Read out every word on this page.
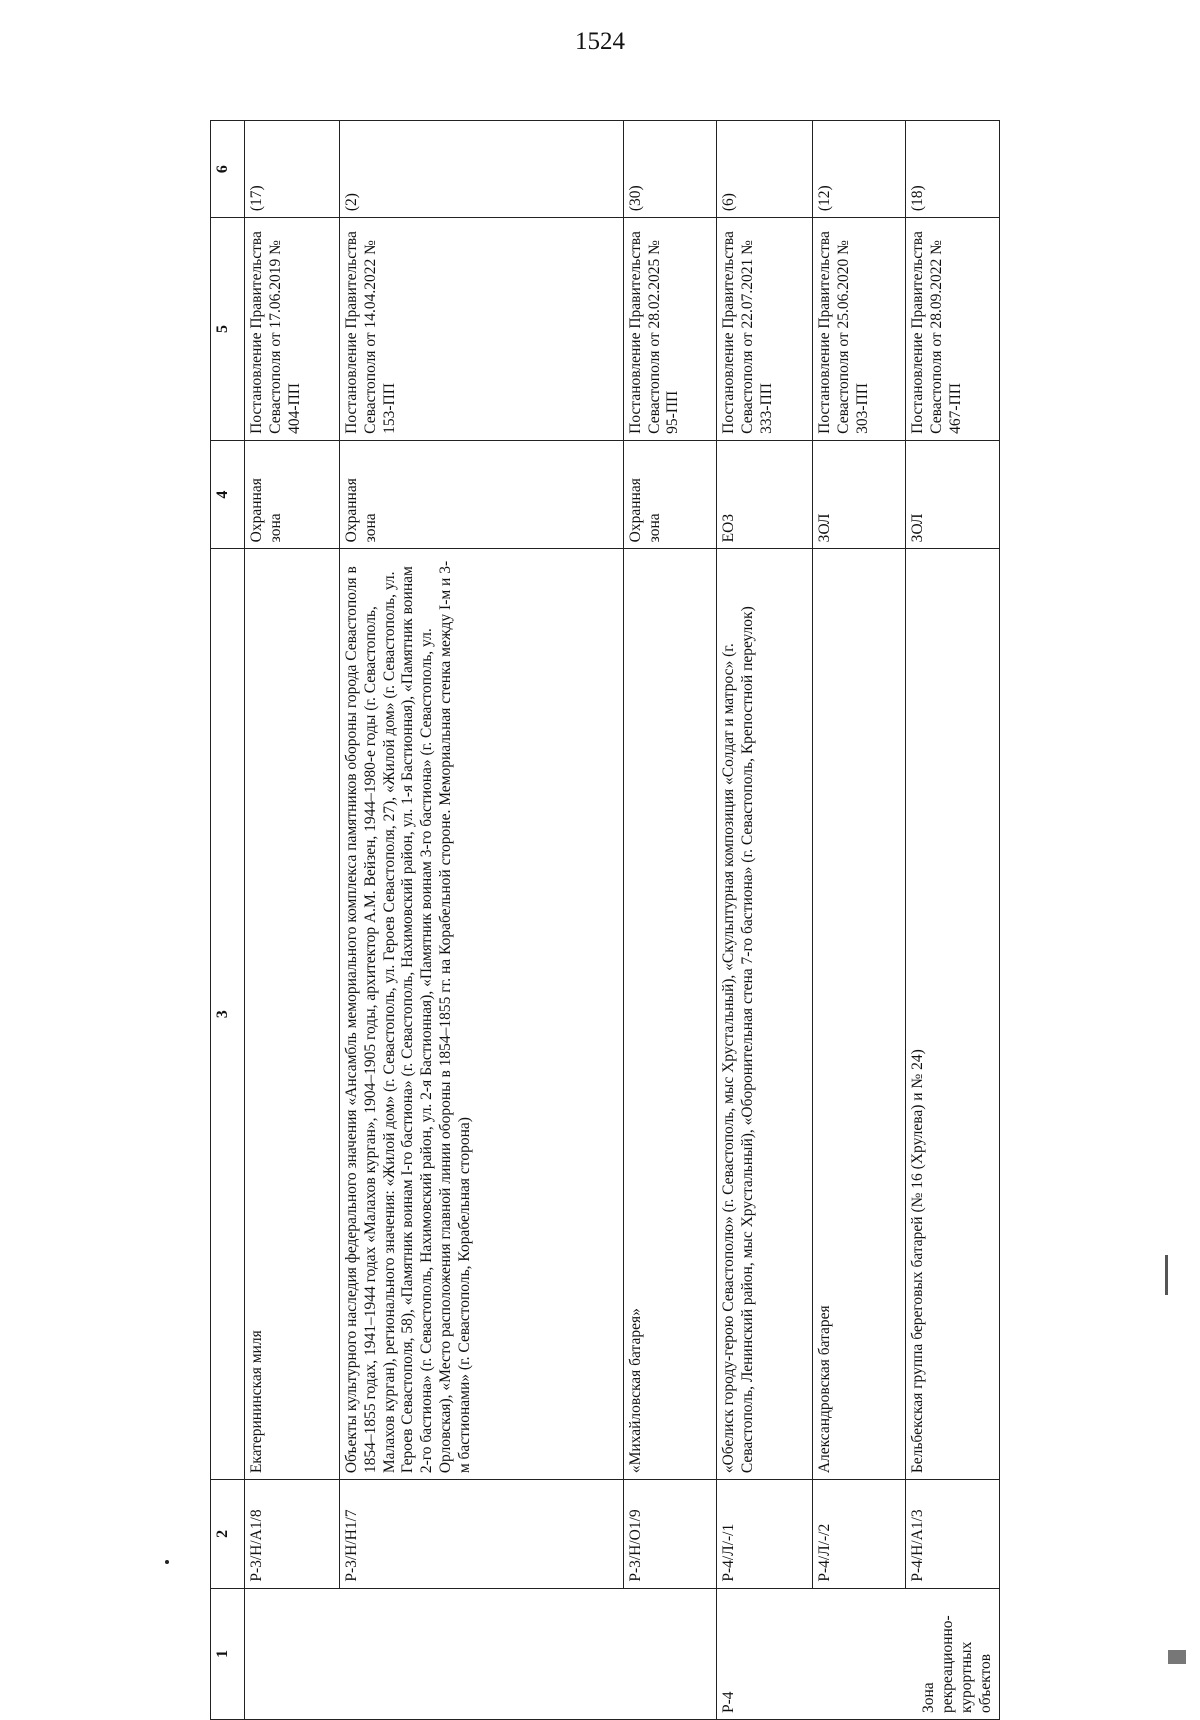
1524
1	2	3	4	5	6
	Р-3/Н/А1/8	Екатерининская миля	Охранная зона	Постановление Правительства Севастополя от 17.06.2019 № 404-ПП	(17)
	Р-3/Н/Н1/7	Объекты культурного наследия федерального значения «Ансамбль мемориального комплекса памятников обороны города Севастополя в 1854–1855 годах, 1941–1944 годах «Малахов курган», 1904–1905 годы, архитектор А.М. Вейзен, 1944–1980-е годы (г. Севастополь, Малахов курган), регионального значения: «Жилой дом» (г. Севастополь, ул. Героев Севастополя, 27), «Жилой дом» (г. Севастополь, ул. Героев Севастополя, 58), «Памятник воинам I-го бастиона» (г. Севастополь, Нахимовский район, ул. 1-я Бастионная), «Памятник воинам 2-го бастиона» (г. Севастополь, Нахимовский район, ул. 2-я Бастионная), «Памятник воинам 3-го бастиона» (г. Севастополь, ул. Орловская), «Место расположения главной линии обороны в 1854–1855 гг. на Корабельной стороне. Мемориальная стенка между I-м и 3-м бастионами» (г. Севастополь, Корабельная сторона)	Охранная зона	Постановление Правительства Севастополя от 14.04.2022 № 153-ПП	(2)
	Р-3/Н/О1/9	«Михайловская батарея»	Охранная зона	Постановление Правительства Севастополя от 28.02.2025 № 95-ПП	(30)

Р-4 Зона рекреационно-курортных объектов	Р-4/Л/-/1	«Обелиск городу-герою Севастополю» (г. Севастополь, мыс Хрустальный), «Скульптурная композиция «Солдат и матрос» (г. Севастополь, Ленинский район, мыс Хрустальный), «Оборонительная стена 7-го бастиона» (г. Севастополь, Крепостной переулок)	ЕОЗ	Постановление Правительства Севастополя от 22.07.2021 № 333-ПП	(6)
	Р-4/Л/-/2	Александровская батарея	ЗОЛ	Постановление Правительства Севастополя от 25.06.2020 № 303-ПП	(12)
	Р-4/Н/А1/3	Бельбекская группа береговых батарей (№ 16 (Хрулева) и № 24)	ЗОЛ	Постановление Правительства Севастополя от 28.09.2022 № 467-ПП	(18)
